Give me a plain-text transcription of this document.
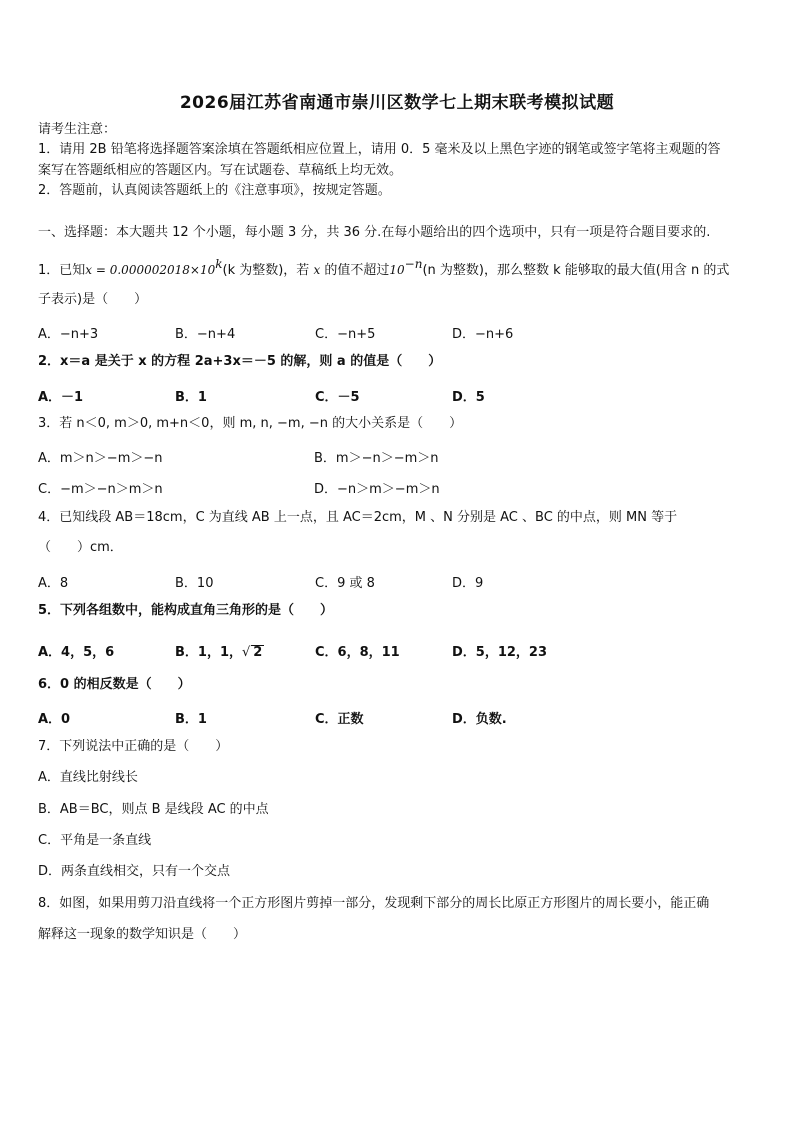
2026届江苏省南通市崇川区数学七上期末联考模拟试题
请考生注意：
1．请用 2B 铅笔将选择题答案涂填在答题纸相应位置上，请用 0．5 毫米及以上黑色字迹的钢笔或签字笔将主观题的答
案写在答题纸相应的答题区内。写在试题卷、草稿纸上均无效。
2．答题前，认真阅读答题纸上的《注意事项》，按规定答题。
一、选择题：本大题共 12 个小题，每小题 3 分，共 36 分.在每小题给出的四个选项中，只有一项是符合题目要求的.
1．已知$x = 0.000002018\times 10^k(k$ 为整数)，若 x 的值不超过$10^{-n}(n$ 为整数)，那么整数 k 能够取的最大值(用含 n 的式
子表示)是（　　）
A．−n+3	B．−n+4	C．−n+5	D．−n+6
2．x＝a 是关于 x 的方程 2a+3x＝－5 的解，则 a 的值是（　　）
A．－1	B．1	C．－5	D．5
3．若 n＜0, m＞0, m+n＜0，则 m, n, −m, −n 的大小关系是（　　）
A．m＞n＞−m＞−n	B．m＞−n＞−m＞n
C．−m＞−n＞m＞n	D．−n＞m＞−m＞n
4．已知线段 AB＝18cm，C 为直线 AB 上一点，且 AC＝2cm，M 、N 分别是 AC 、BC 的中点，则 MN 等于
（　　）cm．
A．8	B．10	C．9 或 8	D．9
5．下列各组数中，能构成直角三角形的是（　　）
A．4，5，6	B．1，1，√ 2	C．6，8，11	D．5，12，23
6．0 的相反数是（　　）
A．0	B．1	C．正数	D．负数.
7．下列说法中正确的是（　　）
A．直线比射线长
B．AB＝BC，则点 B 是线段 AC 的中点
C．平角是一条直线
D．两条直线相交，只有一个交点
8．如图，如果用剪刀沿直线将一个正方形图片剪掉一部分，发现剩下部分的周长比原正方形图片的周长要小，能正确
解释这一现象的数学知识是（　　）
